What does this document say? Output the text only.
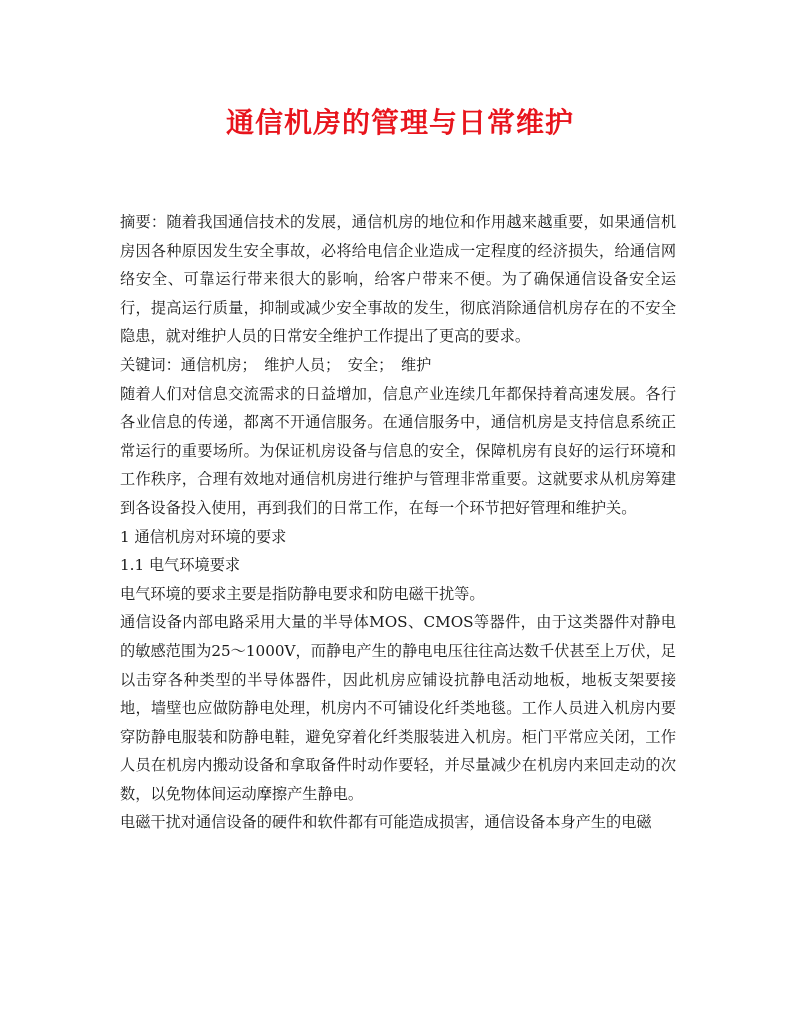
通信机房的管理与日常维护

摘要：随着我国通信技术的发展，通信机房的地位和作用越来越重要，如果通信机房因各种原因发生安全事故，必将给电信企业造成一定程度的经济损失，给通信网络安全、可靠运行带来很大的影响，给客户带来不便。为了确保通信设备安全运行，提高运行质量，抑制或减少安全事故的发生，彻底消除通信机房存在的不安全隐患，就对维护人员的日常安全维护工作提出了更高的要求。

关键词：通信机房；　维护人员；　安全；　维护

随着人们对信息交流需求的日益增加，信息产业连续几年都保持着高速发展。各行各业信息的传递，都离不开通信服务。在通信服务中，通信机房是支持信息系统正常运行的重要场所。为保证机房设备与信息的安全，保障机房有良好的运行环境和工作秩序，合理有效地对通信机房进行维护与管理非常重要。这就要求从机房筹建到各设备投入使用，再到我们的日常工作，在每一个环节把好管理和维护关。

1 通信机房对环境的要求

1.1 电气环境要求

电气环境的要求主要是指防静电要求和防电磁干扰等。

通信设备内部电路采用大量的半导体MOS、CMOS等器件，由于这类器件对静电的敏感范围为25～1000V，而静电产生的静电电压往往高达数千伏甚至上万伏，足以击穿各种类型的半导体器件，因此机房应铺设抗静电活动地板，地板支架要接地，墙壁也应做防静电处理，机房内不可铺设化纤类地毯。工作人员进入机房内要穿防静电服装和防静电鞋，避免穿着化纤类服装进入机房。柜门平常应关闭，工作人员在机房内搬动设备和拿取备件时动作要轻，并尽量减少在机房内来回走动的次数，以免物体间运动摩擦产生静电。

电磁干扰对通信设备的硬件和软件都有可能造成损害，通信设备本身产生的电磁
